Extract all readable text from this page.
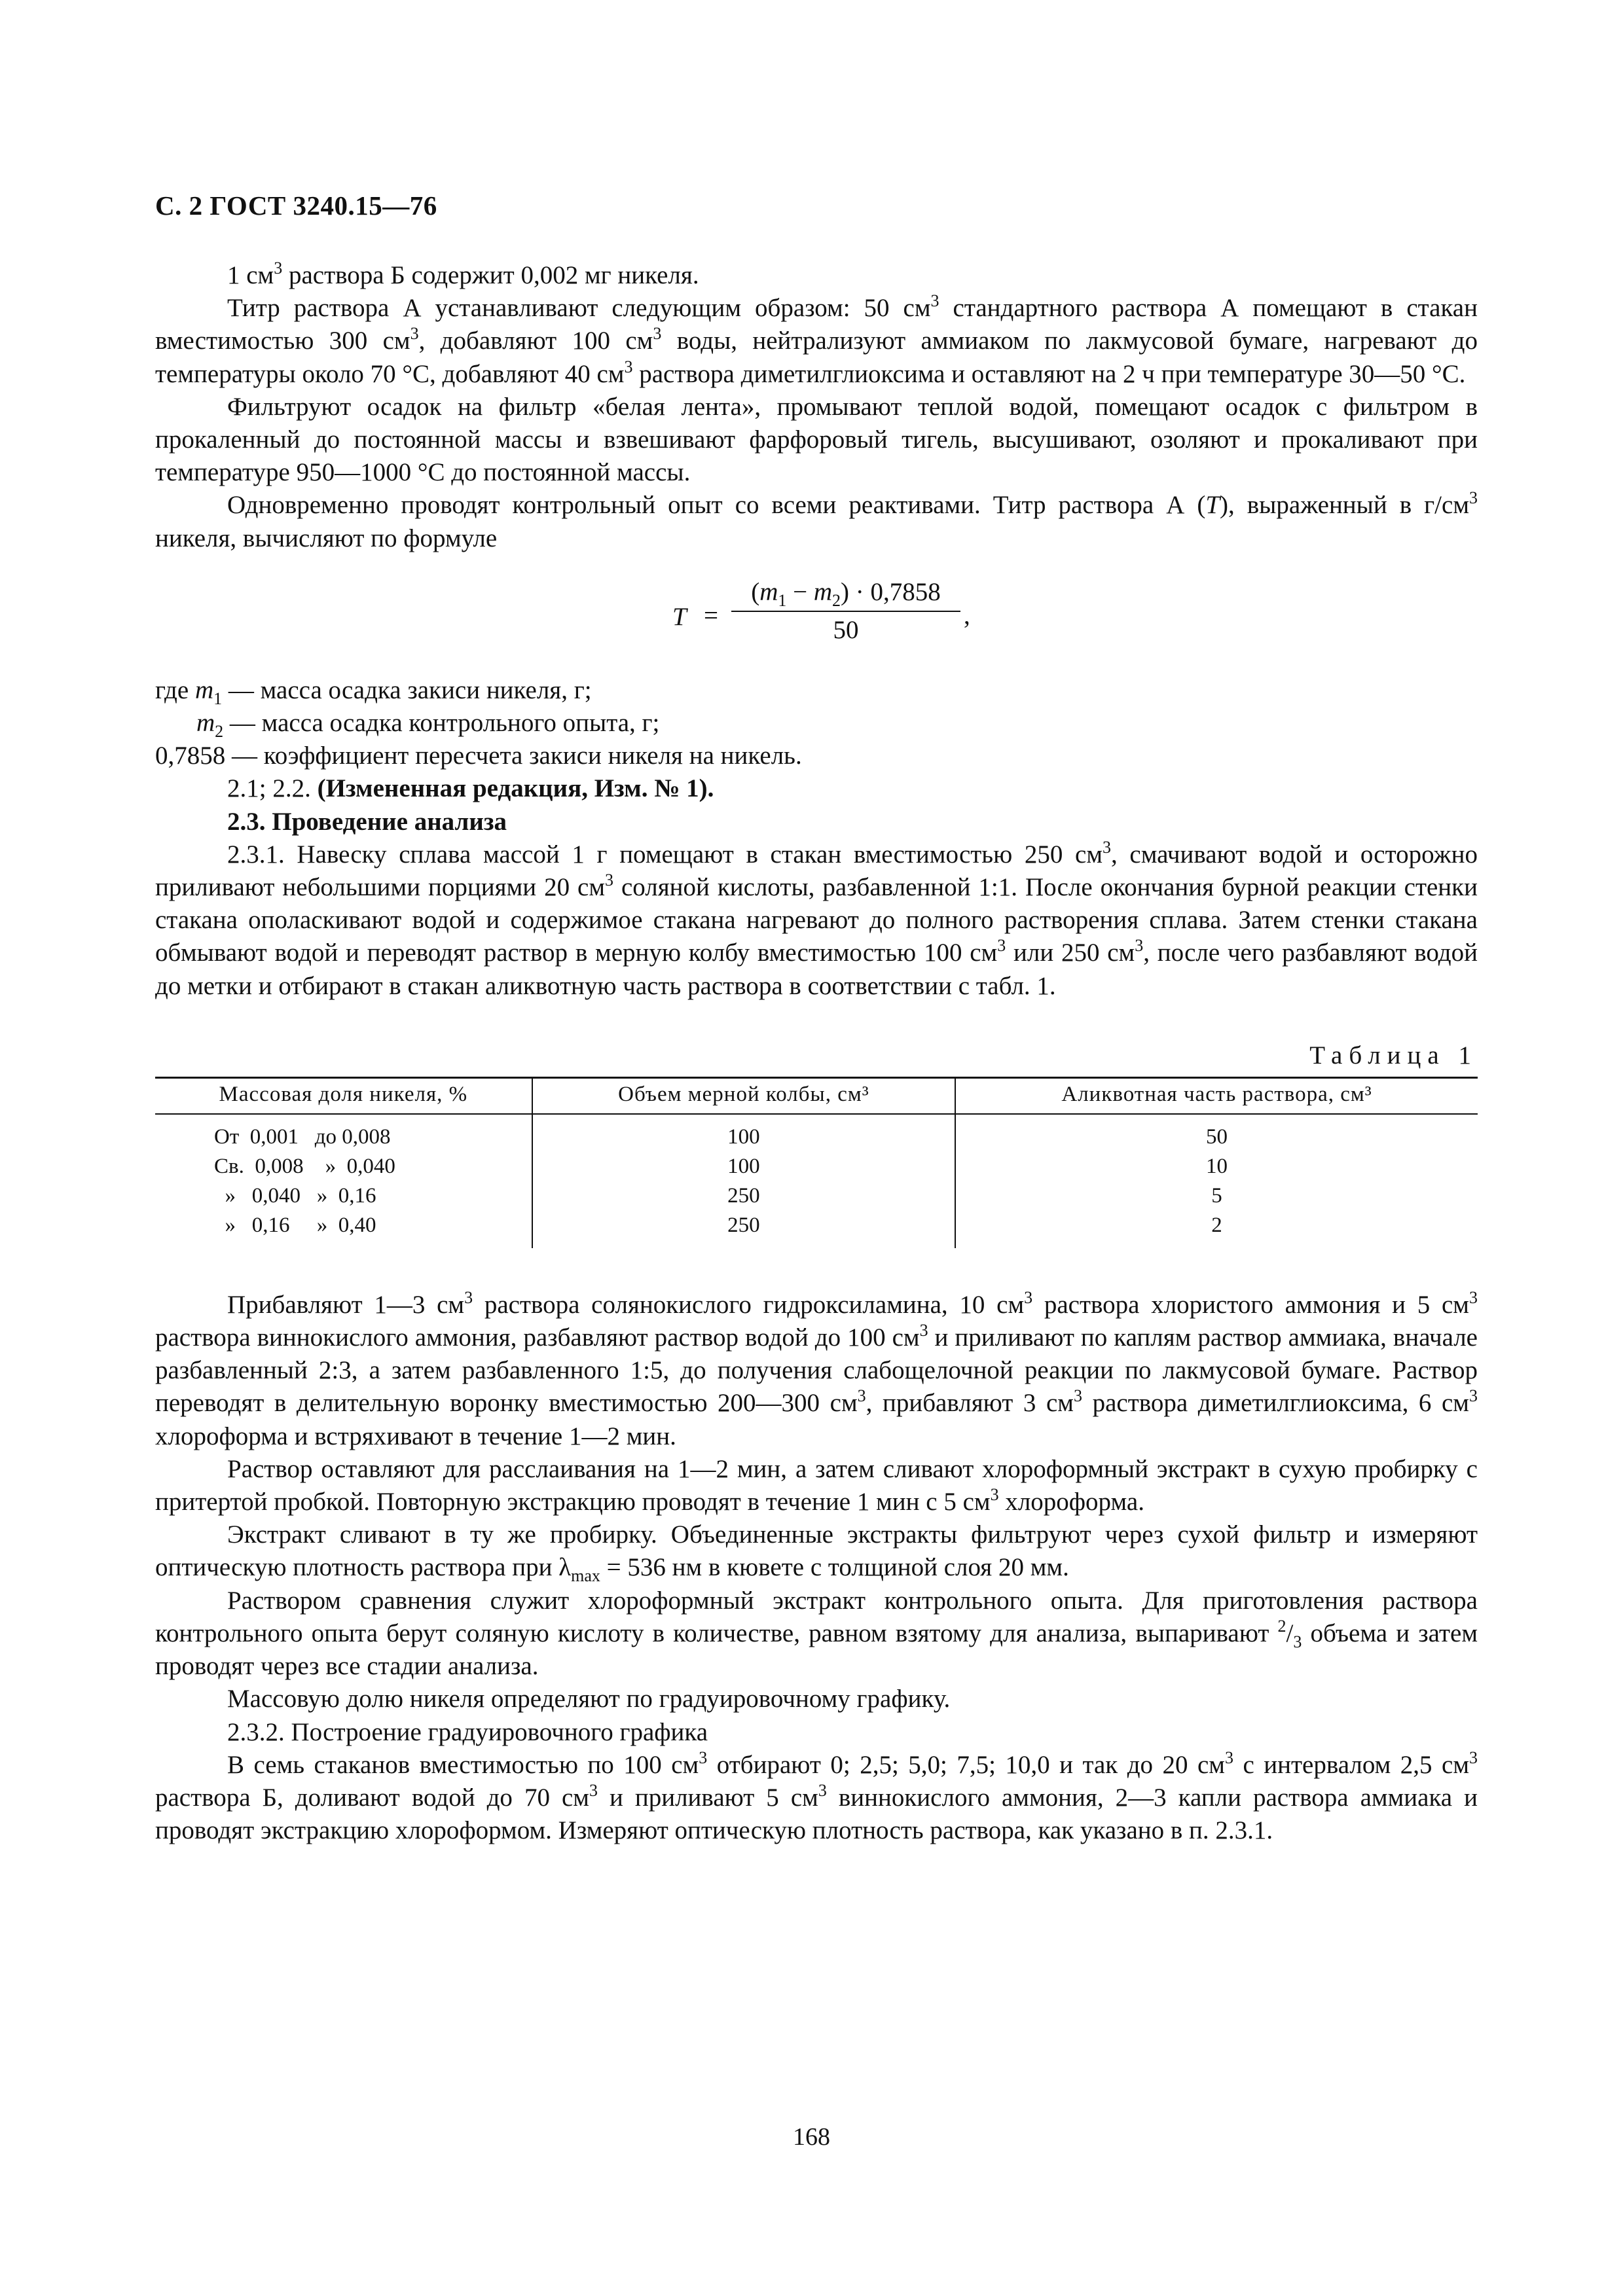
С. 2 ГОСТ 3240.15—76

1 $см^3$ раствора Б содержит 0,002 мг никеля.

Титр раствора А устанавливают следующим образом: 50 $см^3$ стандартного раствора А помещают в стакан вместимостью 300 $см^3$, добавляют 100 $см^3$ воды, нейтрализуют аммиаком по лакмусовой бумаге, нагревают до температуры около 70 °С, добавляют 40 $см^3$ раствора диметилглиоксима и оставляют на 2 ч при температуре 30—50 °С.

Фильтруют осадок на фильтр «белая лента», промывают теплой водой, помещают осадок с фильтром в прокаленный до постоянной массы и взвешивают фарфоровый тигель, высушивают, озоляют и прокаливают при температуре 950—1000 °С до постоянной массы.

Одновременно проводят контрольный опыт со всеми реактивами. Титр раствора А (T), выраженный в $г/см^3$ никеля, вычисляют по формуле

T =
$(m_1 - m_2) \cdot 0,7858$
50
,
где $m_1$ — масса осадка закиси никеля, г;
$m_2$ — масса осадка контрольного опыта, г;
0,7858 — коэффициент пересчета закиси никеля на никель.

2.1; 2.2. (Измененная редакция, Изм. № 1).

2.3. Проведение анализа

2.3.1. Навеску сплава массой 1 г помещают в стакан вместимостью 250 $см^3$, смачивают водой и осторожно приливают небольшими порциями 20 $см^3$ соляной кислоты, разбавленной 1:1. После окончания бурной реакции стенки стакана ополаскивают водой и содержимое стакана нагревают до полного растворения сплава. Затем стенки стакана обмывают водой и переводят раствор в мерную колбу вместимостью 100 $см^3$ или 250 $см^3$, после чего разбавляют водой до метки и отбирают в стакан аликвотную часть раствора в соответствии с табл. 1.

Таблица 1
Массовая доля никеля, %	Объем мерной колбы, см³	Аликвотная часть раствора, см³
От  0,001   до 0,008	100	50
Св.  0,008    »  0,040	100	10
»   0,040   »  0,16	250	5
»   0,16     »  0,40	250	2

Прибавляют 1—3 $см^3$ раствора солянокислого гидроксиламина, 10 $см^3$ раствора хлористого аммония и 5 $см^3$ раствора виннокислого аммония, разбавляют раствор водой до 100 $см^3$ и приливают по каплям раствор аммиака, вначале разбавленный 2:3, а затем разбавленного 1:5, до получения слабощелочной реакции по лакмусовой бумаге. Раствор переводят в делительную воронку вместимостью 200—300 $см^3$, прибавляют 3 $см^3$ раствора диметилглиоксима, 6 $см^3$ хлороформа и встряхивают в течение 1—2 мин.

Раствор оставляют для расслаивания на 1—2 мин, а затем сливают хлороформный экстракт в сухую пробирку с притертой пробкой. Повторную экстракцию проводят в течение 1 мин с 5 $см^3$ хлороформа.

Экстракт сливают в ту же пробирку. Объединенные экстракты фильтруют через сухой фильтр и измеряют оптическую плотность раствора при $\lambda_{max} = 536$ нм в кювете с толщиной слоя 20 мм.

Раствором сравнения служит хлороформный экстракт контрольного опыта. Для приготовления раствора контрольного опыта берут соляную кислоту в количестве, равном взятому для анализа, выпаривают $^2/_3$ объема и затем проводят через все стадии анализа.

Массовую долю никеля определяют по градуировочному графику.

2.3.2. Построение градуировочного графика

В семь стаканов вместимостью по 100 $см^3$ отбирают 0; 2,5; 5,0; 7,5; 10,0 и так до 20 $см^3$ с интервалом 2,5 $см^3$ раствора Б, доливают водой до 70 $см^3$ и приливают 5 $см^3$ виннокислого аммония, 2—3 капли раствора аммиака и проводят экстракцию хлороформом. Измеряют оптическую плотность раствора, как указано в п. 2.3.1.

168
